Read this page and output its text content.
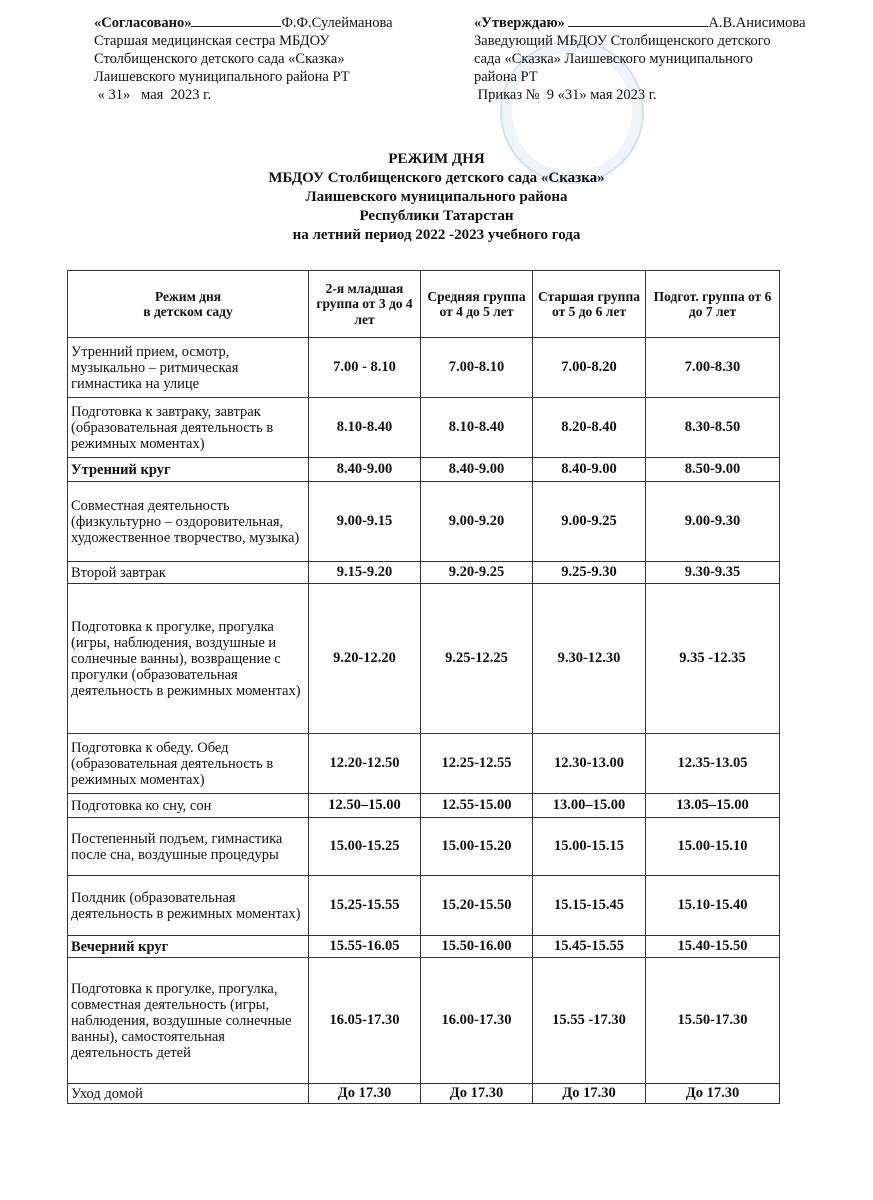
«Согласовано»	Ф.Ф.Сулейманова
Старшая медицинская сестра МБДОУ
Столбищенского детского сада «Сказка»
Лаишевского муниципального района РТ
« 31»   мая  2023 г.
«Утверждаю»	А.В.Анисимова
Заведующий МБДОУ Столбищенского детского
сада «Сказка» Лаишевского муниципального
района РТ
Приказ №  9 «31» мая 2023 г.
РЕЖИМ ДНЯ
МБДОУ Столбищенского детского сада «Сказка»
Лаишевского муниципального района
Республики Татарстан
на летний период 2022 -2023 учебного года
Режим дня
в детском саду	2-я младшая группа от 3 до 4 лет	Средняя группа от 4 до 5 лет	Старшая группа от 5 до 6 лет	Подгот. группа от 6 до 7 лет
Утренний прием, осмотр, музыкально – ритмическая гимнастика на улице	7.00 - 8.10	7.00-8.10	7.00-8.20	7.00-8.30
Подготовка к завтраку, завтрак (образовательная деятельность в режимных моментах)	8.10-8.40	8.10-8.40	8.20-8.40	8.30-8.50
Утренний круг	8.40-9.00	8.40-9.00	8.40-9.00	8.50-9.00
Совместная деятельность (физкультурно – оздоровительная, художественное творчество, музыка)	9.00-9.15	9.00-9.20	9.00-9.25	9.00-9.30
Второй завтрак	9.15-9.20	9.20-9.25	9.25-9.30	9.30-9.35
Подготовка к прогулке, прогулка (игры, наблюдения, воздушные и солнечные ванны), возвращение с прогулки (образовательная деятельность в режимных моментах)	9.20-12.20	9.25-12.25	9.30-12.30	9.35 -12.35
Подготовка к обеду. Обед (образовательная деятельность в режимных моментах)	12.20-12.50	12.25-12.55	12.30-13.00	12.35-13.05
Подготовка ко сну, сон	12.50–15.00	12.55-15.00	13.00–15.00	13.05–15.00
Постепенный подъем, гимнастика после сна, воздушные процедуры	15.00-15.25	15.00-15.20	15.00-15.15	15.00-15.10
Полдник (образовательная деятельность в режимных моментах)	15.25-15.55	15.20-15.50	15.15-15.45	15.10-15.40
Вечерний круг	15.55-16.05	15.50-16.00	15.45-15.55	15.40-15.50
Подготовка к прогулке, прогулка, совместная деятельность (игры, наблюдения, воздушные солнечные ванны), самостоятельная деятельность детей	16.05-17.30	16.00-17.30	15.55 -17.30	15.50-17.30
Уход домой	До 17.30	До 17.30	До 17.30	До 17.30
